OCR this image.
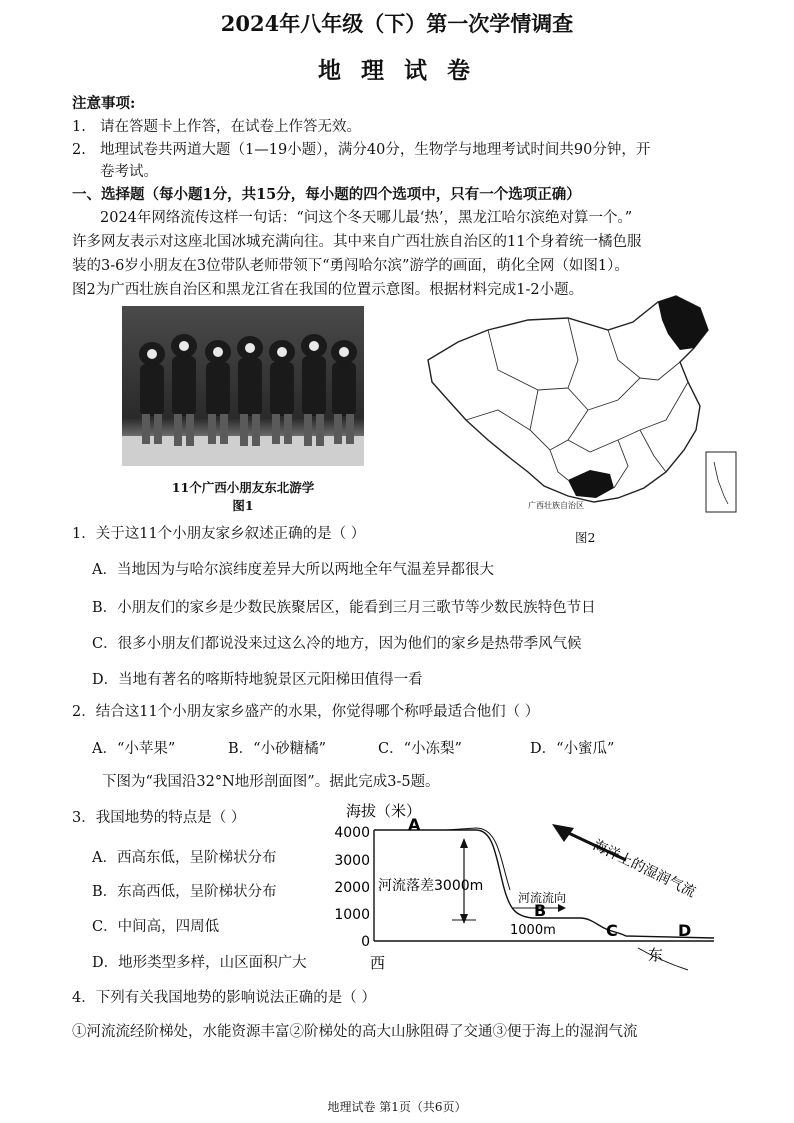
2024年八年级（下）第一次学情调查
地 理 试 卷
注意事项:
1. 请在答题卡上作答，在试卷上作答无效。
2. 地理试卷共两道大题（1—19小题），满分40分，生物学与地理考试时间共90分钟，开
卷考试。
一、选择题（每小题1分，共15分，每小题的四个选项中，只有一个选项正确）
2024年网络流传这样一句话：“问这个冬天哪儿最‘热’，黑龙江哈尔滨绝对算一个。”
许多网友表示对这座北国冰城充满向往。其中来自广西壮族自治区的11个身着统一橘色服
装的3-6岁小朋友在3位带队老师带领下“勇闯哈尔滨”游学的画面，萌化全网（如图1）。
图2为广西壮族自治区和黑龙江省在我国的位置示意图。根据材料完成1-2小题。
11个广西小朋友东北游学
图1	广西壮族自治区
图2
1．关于这11个小朋友家乡叙述正确的是（ ）
A．当地因为与哈尔滨纬度差异大所以两地全年气温差异都很大
B．小朋友们的家乡是少数民族聚居区，能看到三月三歌节等少数民族特色节日
C．很多小朋友们都说没来过这么冷的地方，因为他们的家乡是热带季风气候
D．当地有著名的喀斯特地貌景区元阳梯田值得一看
2．结合这11个小朋友家乡盛产的水果，你觉得哪个称呼最适合他们（ ）
A．“小苹果”	B．“小砂糖橘”	C．“小冻梨”	D．“小蜜瓜”
下图为“我国沿32°N地形剖面图”。据此完成3-5题。
3．我国地势的特点是（ ）
A．西高东低，呈阶梯状分布
B．东高西低，呈阶梯状分布
C．中间高，四周低
D．地形类型多样，山区面积广大
海拔（米）
4000
3000
2000
1000
0
河流落差3000m
河流流向
1000m
A
B
C	D
海洋上的湿润气流
西	东
4．下列有关我国地势的影响说法正确的是（ ）
①河流流经阶梯处，水能资源丰富②阶梯处的高大山脉阻碍了交通③便于海上的湿润气流
地理试卷 第1页（共6页）
